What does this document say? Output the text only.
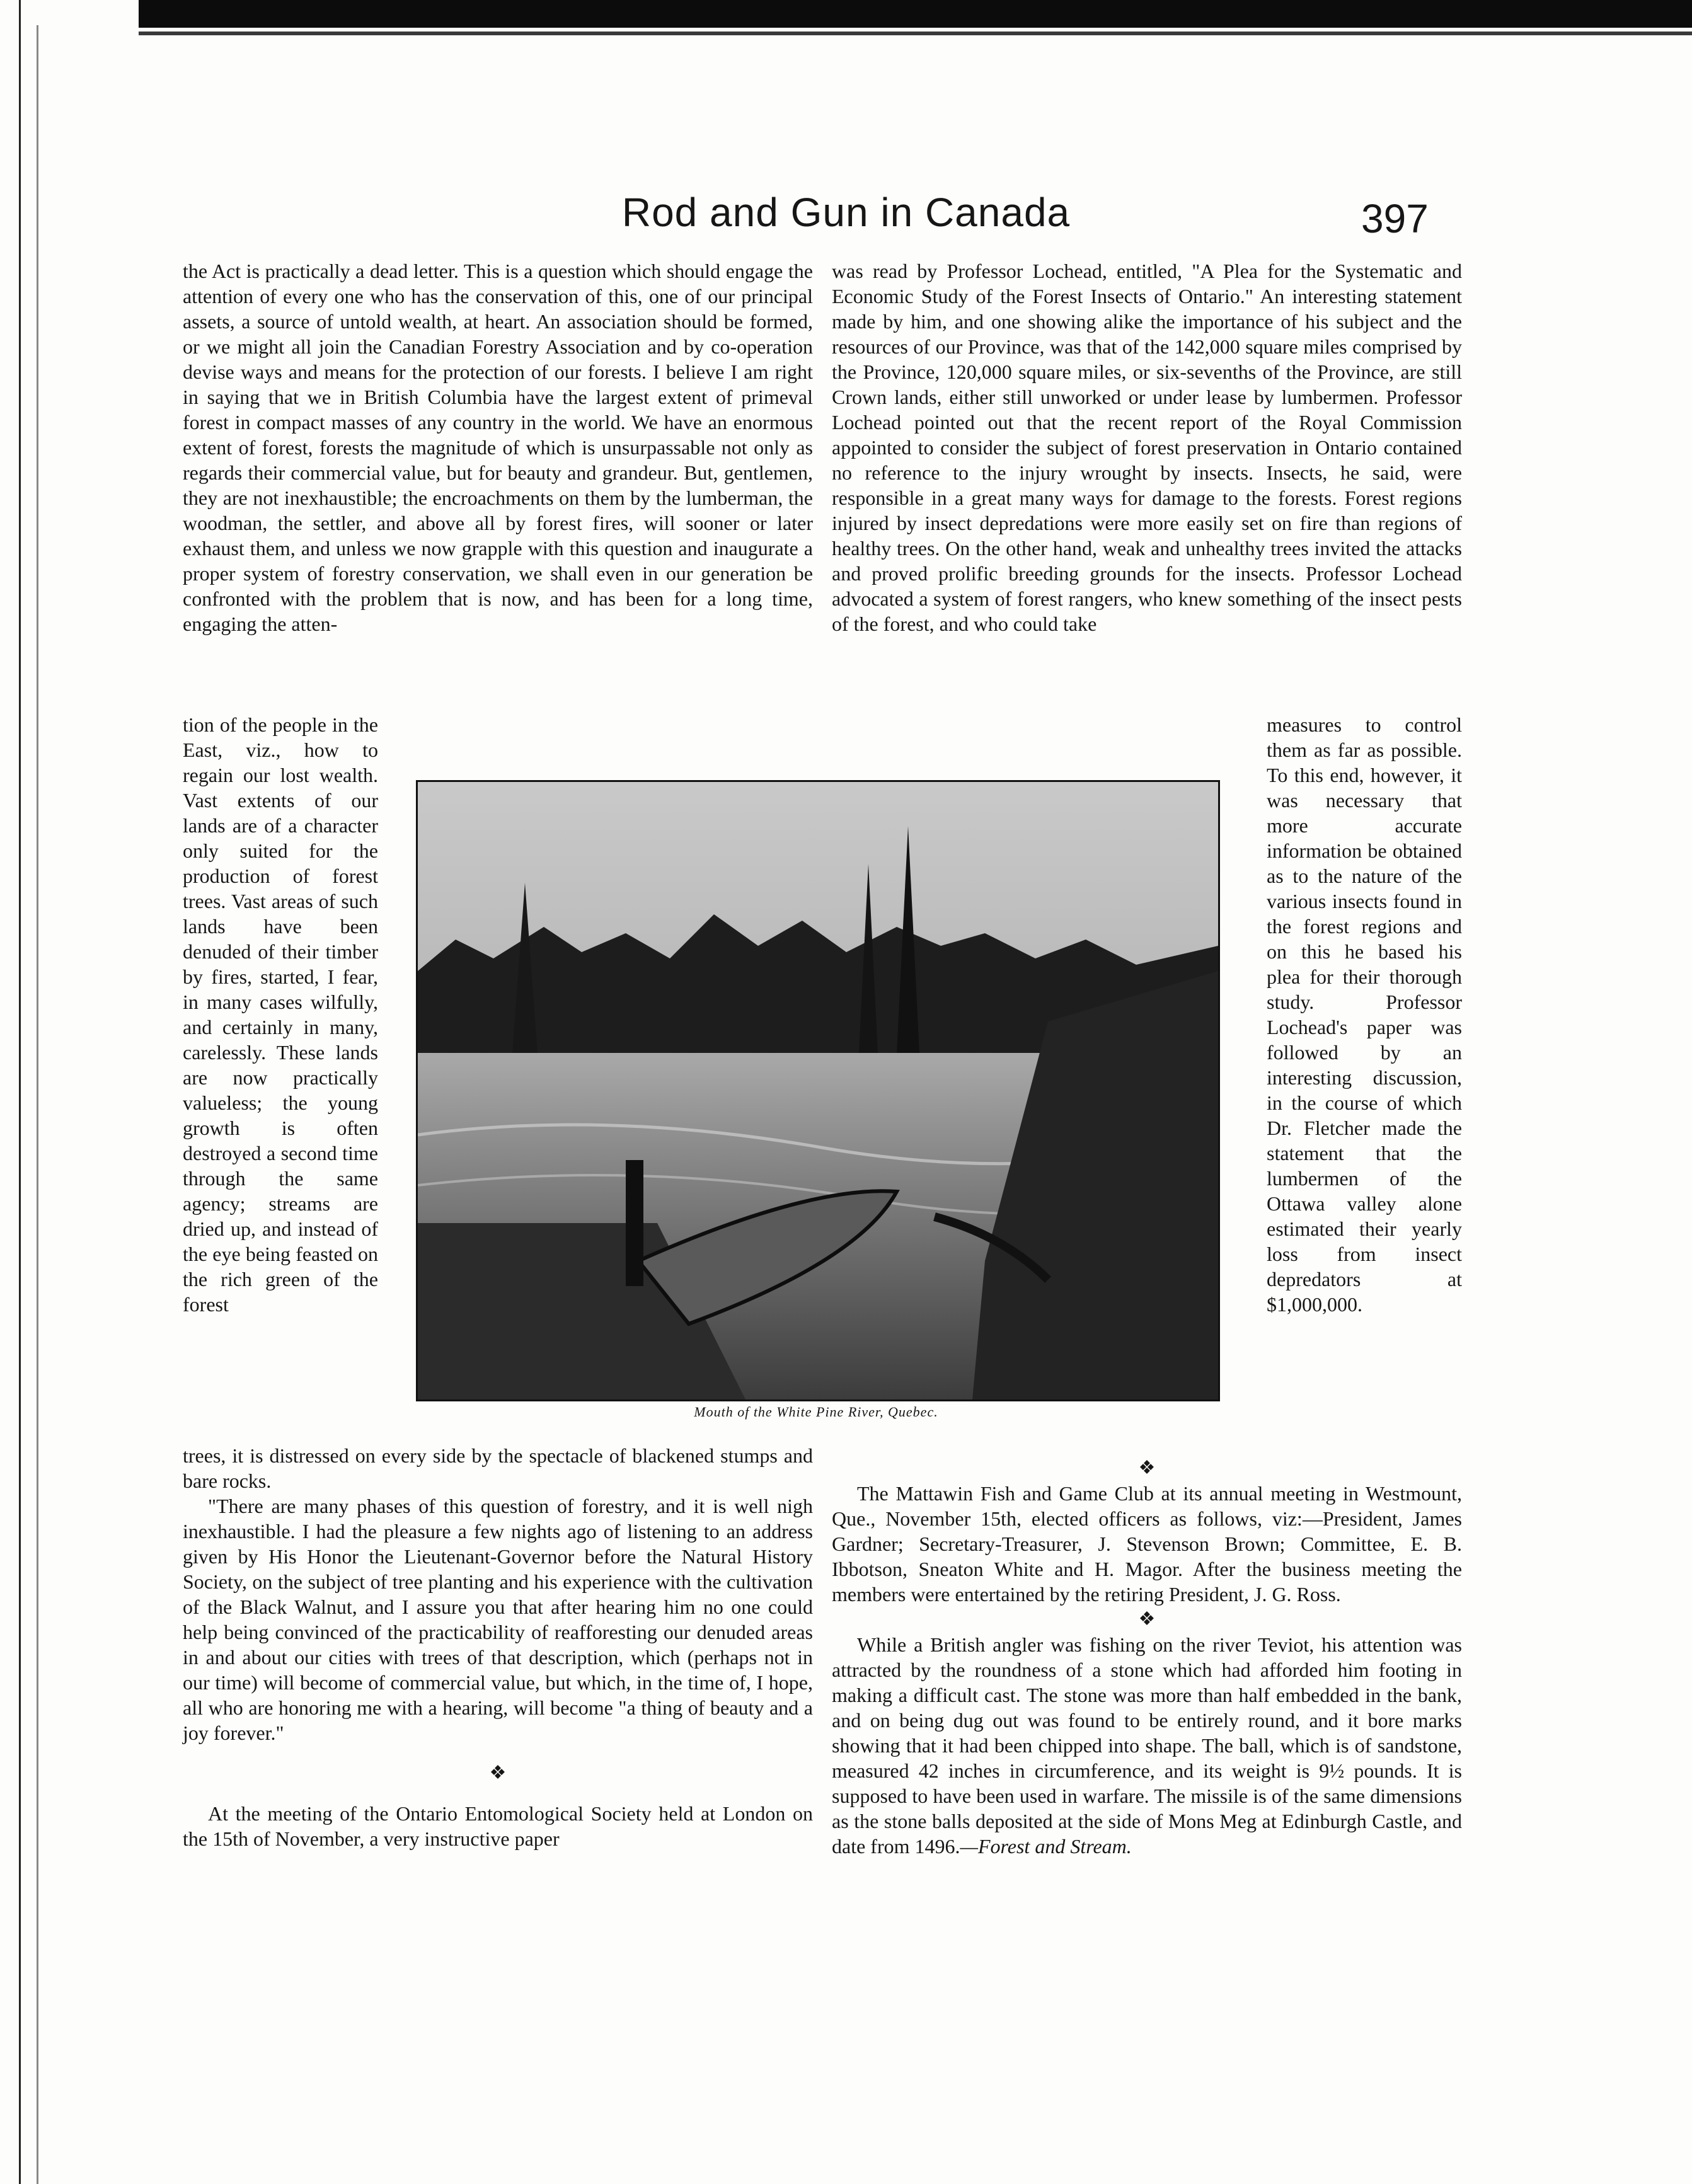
Rod and Gun in Canada	397

the Act is practically a dead letter. This is a question which should engage the attention of every one who has the conservation of this, one of our principal assets, a source of untold wealth, at heart. An association should be formed, or we might all join the Canadian Forestry Association and by co-operation devise ways and means for the protection of our forests. I believe I am right in saying that we in British Columbia have the largest extent of primeval forest in compact masses of any country in the world. We have an enormous extent of forest, forests the magnitude of which is unsurpassable not only as regards their commercial value, but for beauty and grandeur. But, gentlemen, they are not inexhaustible; the encroachments on them by the lumberman, the woodman, the settler, and above all by forest fires, will sooner or later exhaust them, and unless we now grapple with this question and inaugurate a proper system of forestry conservation, we shall even in our generation be confronted with the problem that is now, and has been for a long time, engaging the atten-

was read by Professor Lochead, entitled, "A Plea for the Systematic and Economic Study of the Forest Insects of Ontario." An interesting statement made by him, and one showing alike the importance of his subject and the resources of our Province, was that of the 142,000 square miles comprised by the Province, 120,000 square miles, or six-sevenths of the Province, are still Crown lands, either still unworked or under lease by lumbermen. Professor Lochead pointed out that the recent report of the Royal Commission appointed to consider the subject of forest preservation in Ontario contained no reference to the injury wrought by insects. Insects, he said, were responsible in a great many ways for damage to the forests. Forest regions injured by insect depredations were more easily set on fire than regions of healthy trees. On the other hand, weak and unhealthy trees invited the attacks and proved prolific breeding grounds for the insects. Professor Lochead advocated a system of forest rangers, who knew something of the insect pests of the forest, and who could take

tion of the people in the East, viz., how to regain our lost wealth. Vast extents of our lands are of a character only suited for the production of forest trees. Vast areas of such lands have been denuded of their timber by fires, started, I fear, in many cases wilfully, and certainly in many, carelessly. These lands are now practically valueless; the young growth is often destroyed a second time through the same agency; streams are dried up, and instead of the eye being feasted on the rich green of the forest

measures to control them as far as possible. To this end, however, it was necessary that more accurate information be obtained as to the nature of the various insects found in the forest regions and on this he based his plea for their thorough study. Professor Lochead's paper was followed by an interesting discussion, in the course of which Dr. Fletcher made the statement that the lumbermen of the Ottawa valley alone estimated their yearly loss from insect depredators at $1,000,000.

Mouth of the White Pine River, Quebec.

trees, it is distressed on every side by the spectacle of blackened stumps and bare rocks.

"There are many phases of this question of forestry, and it is well nigh inexhaustible. I had the pleasure a few nights ago of listening to an address given by His Honor the Lieutenant-Governor before the Natural History Society, on the subject of tree planting and his experience with the cultivation of the Black Walnut, and I assure you that after hearing him no one could help being convinced of the practicability of reafforesting our denuded areas in and about our cities with trees of that description, which (perhaps not in our time) will become of commercial value, but which, in the time of, I hope, all who are honoring me with a hearing, will become "a thing of beauty and a joy forever."

❖

At the meeting of the Ontario Entomological Society held at London on the 15th of November, a very instructive paper

❖

The Mattawin Fish and Game Club at its annual meeting in Westmount, Que., November 15th, elected officers as follows, viz:—President, James Gardner; Secretary-Treasurer, J. Stevenson Brown; Committee, E. B. Ibbotson, Sneaton White and H. Magor. After the business meeting the members were entertained by the retiring President, J. G. Ross.

❖

While a British angler was fishing on the river Teviot, his attention was attracted by the roundness of a stone which had afforded him footing in making a difficult cast. The stone was more than half embedded in the bank, and on being dug out was found to be entirely round, and it bore marks showing that it had been chipped into shape. The ball, which is of sandstone, measured 42 inches in circumference, and its weight is 9½ pounds. It is supposed to have been used in warfare. The missile is of the same dimensions as the stone balls deposited at the side of Mons Meg at Edinburgh Castle, and date from 1496.—Forest and Stream.
